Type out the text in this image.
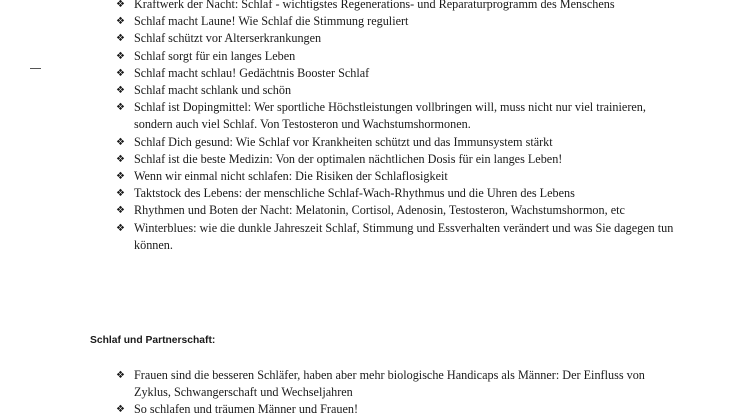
❖ Kraftwerk der Nacht: Schlaf - wichtigstes Regenerations- und Reparaturprogramm des Menschens
❖ Schlaf macht Laune! Wie Schlaf die Stimmung reguliert
❖ Schlaf schützt vor Alterserkrankungen
❖ Schlaf sorgt für ein langes Leben
❖ Schlaf macht schlau! Gedächtnis Booster Schlaf
❖ Schlaf macht schlank und schön
❖ Schlaf ist Dopingmittel: Wer sportliche Höchstleistungen vollbringen will, muss nicht nur viel trainieren, sondern auch viel Schlaf. Von Testosteron und Wachstumshormonen.
❖ Schlaf Dich gesund: Wie Schlaf vor Krankheiten schützt und das Immunsystem stärkt
❖ Schlaf ist die beste Medizin: Von der optimalen nächtlichen Dosis für ein langes Leben!
❖ Wenn wir einmal nicht schlafen: Die Risiken der Schlaflosigkeit
❖ Taktstock des Lebens: der menschliche Schlaf-Wach-Rhythmus und die Uhren des Lebens
❖ Rhythmen und Boten der Nacht: Melatonin, Cortisol, Adenosin, Testosteron, Wachstumshormon, etc
❖ Winterblues: wie die dunkle Jahreszeit Schlaf, Stimmung und Essverhalten verändert und was Sie dagegen tun können.

Schlaf und Partnerschaft:

❖ Frauen sind die besseren Schläfer, haben aber mehr biologische Handicaps als Männer: Der Einfluss von Zyklus, Schwangerschaft und Wechseljahren
❖ So schlafen und träumen Männer und Frauen!
